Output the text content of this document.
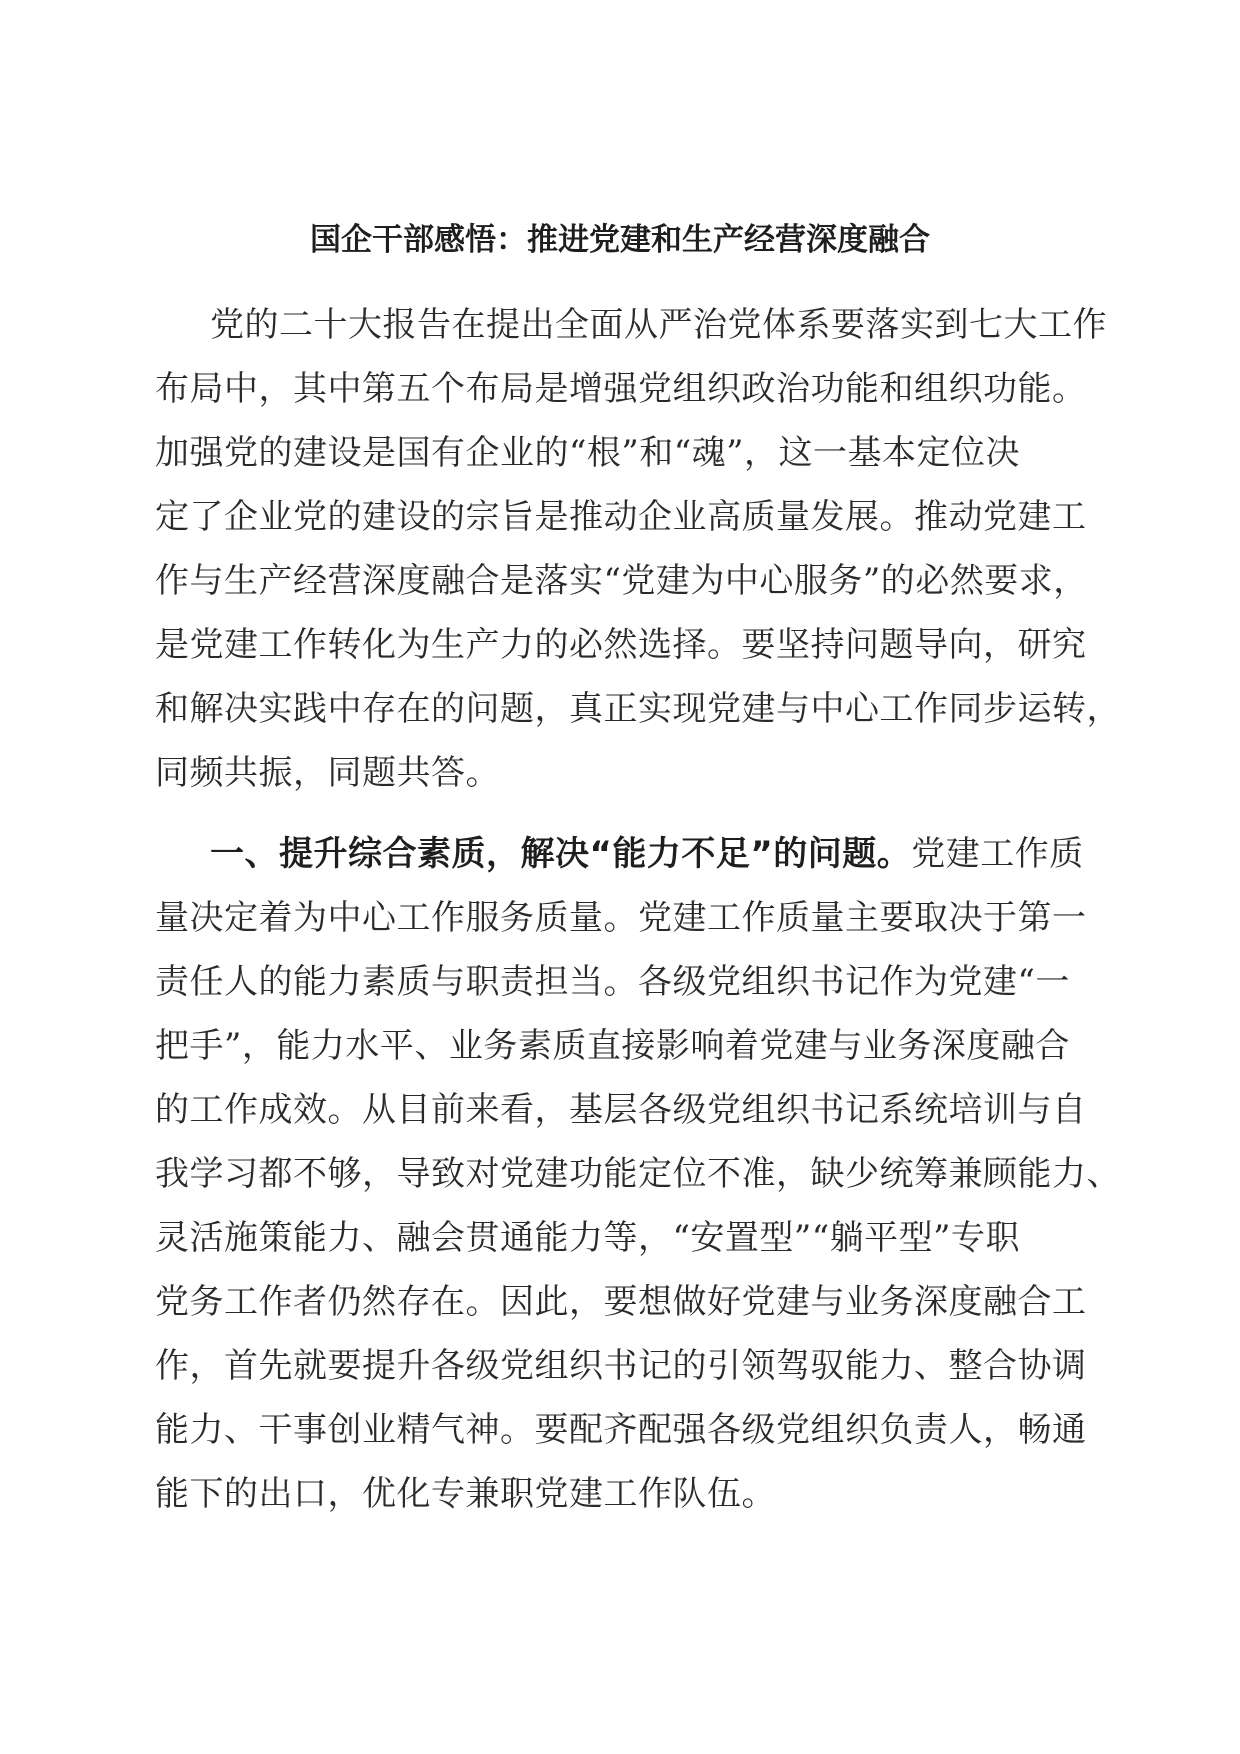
国企干部感悟：推进党建和生产经营深度融合
党的二十大报告在提出全面从严治党体系要落实到七大工作
布局中，其中第五个布局是增强党组织政治功能和组织功能。
加强党的建设是国有企业的“根”和“魂”，这一基本定位决
定了企业党的建设的宗旨是推动企业高质量发展。推动党建工
作与生产经营深度融合是落实“党建为中心服务”的必然要求，
是党建工作转化为生产力的必然选择。要坚持问题导向，研究
和解决实践中存在的问题，真正实现党建与中心工作同步运转，
同频共振，同题共答。
一、提升综合素质，解决“能力不足”的问题。党建工作质
量决定着为中心工作服务质量。党建工作质量主要取决于第一
责任人的能力素质与职责担当。各级党组织书记作为党建“一
把手”，能力水平、业务素质直接影响着党建与业务深度融合
的工作成效。从目前来看，基层各级党组织书记系统培训与自
我学习都不够，导致对党建功能定位不准，缺少统筹兼顾能力、
灵活施策能力、融会贯通能力等，“安置型”“躺平型”专职
党务工作者仍然存在。因此，要想做好党建与业务深度融合工
作，首先就要提升各级党组织书记的引领驾驭能力、整合协调
能力、干事创业精气神。要配齐配强各级党组织负责人，畅通
能下的出口，优化专兼职党建工作队伍。
